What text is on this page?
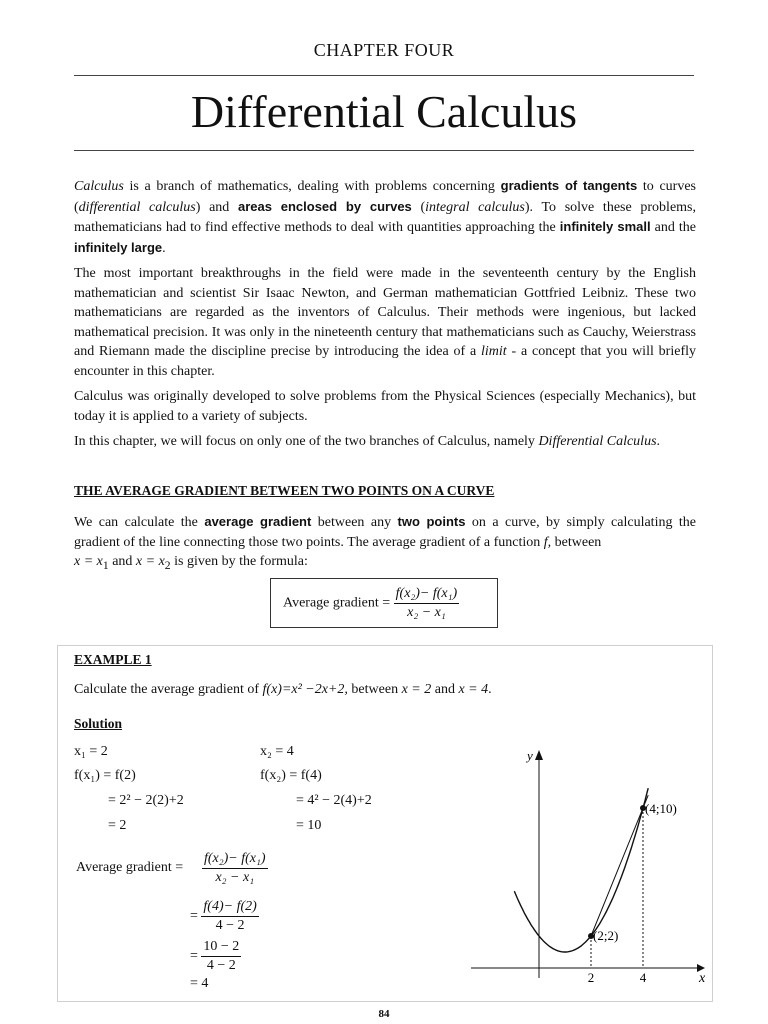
CHAPTER FOUR
Differential Calculus

Calculus is a branch of mathematics, dealing with problems concerning gradients of tangents to curves (differential calculus) and areas enclosed by curves (integral calculus). To solve these problems, mathematicians had to find effective methods to deal with quantities approaching the infinitely small and the infinitely large.

The most important breakthroughs in the field were made in the seventeenth century by the English mathematician and scientist Sir Isaac Newton, and German mathematician Gottfried Leibniz. These two mathematicians are regarded as the inventors of Calculus. Their methods were ingenious, but lacked mathematical precision. It was only in the nineteenth century that mathematicians such as Cauchy, Weierstrass and Riemann made the discipline precise by introducing the idea of a limit - a concept that you will briefly encounter in this chapter.

Calculus was originally developed to solve problems from the Physical Sciences (especially Mechanics), but today it is applied to a variety of subjects.

In this chapter, we will focus on only one of the two branches of Calculus, namely Differential Calculus.

THE AVERAGE GRADIENT BETWEEN TWO POINTS ON A CURVE

We can calculate the average gradient between any two points on a curve, by simply calculating the gradient of the line connecting those two points. The average gradient of a function f, between
$x = x_1$ and $x = x_2$ is given by the formula:

Average gradient = $\frac{\text{f(x₂)− f(x₁)}}{\text{x₂ − x₁}}$
EXAMPLE 1
Calculate the average gradient of f(x)=x² −2x+2, between x = 2 and x = 4.
Solution
x₁ = 2
f(x₁) = f(2)
= 2² − 2(2)+2
= 2
x₂ = 4
f(x₂) = f(4)
= 4² − 2(4)+2
= 10
Average gradient = $\frac{\text{f(x₂)− f(x₁)}}{\text{x₂ − x₁}}$
= $\frac{f(4)- f(2)}{4 - 2}$
= $\frac{10 - 2}{4 - 2}$
= 4
y
x
(2;2)
(4;10)
2	4
84
